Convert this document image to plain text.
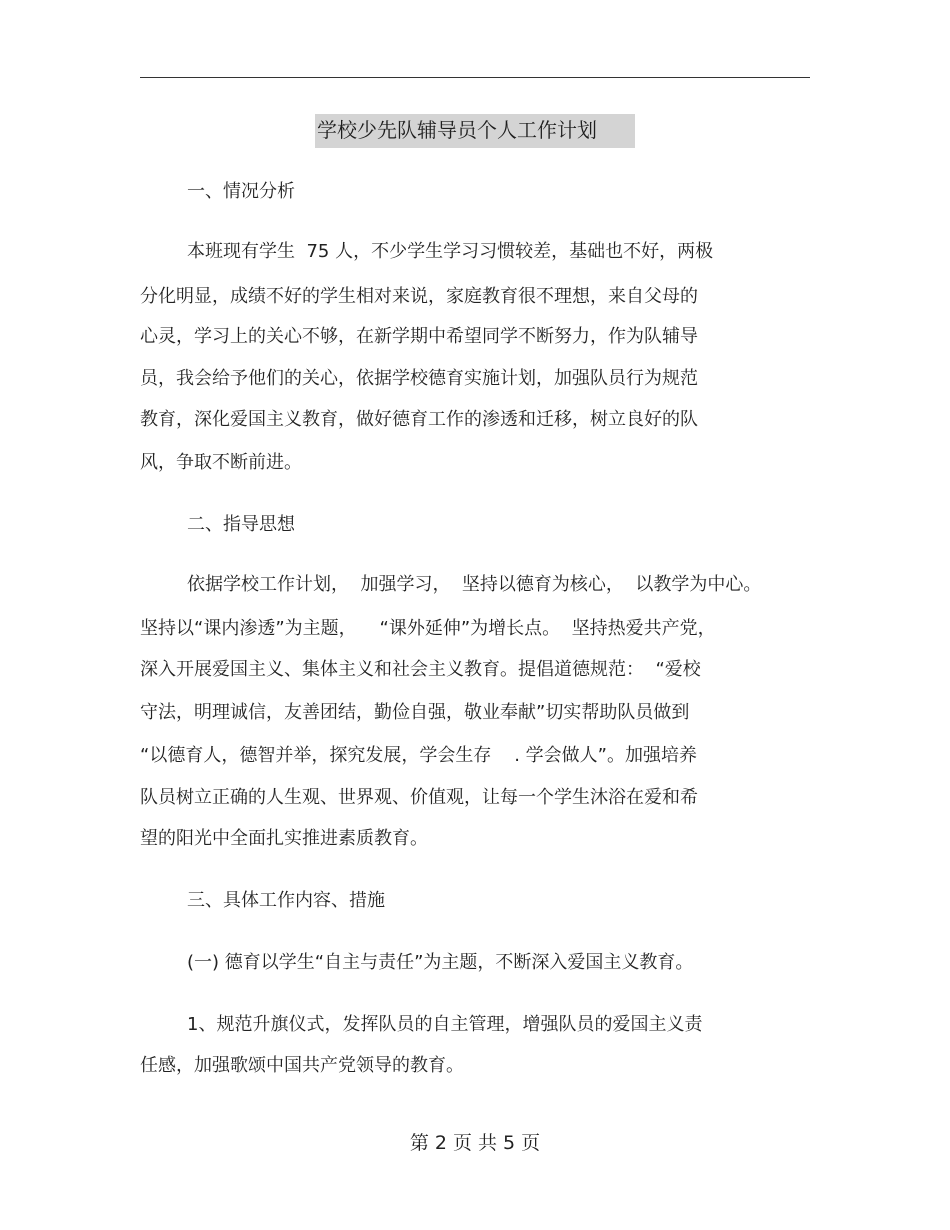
学校少先队辅导员个人工作计划
一、情况分析
本班现有学生  75 人，不少学生学习习惯较差，基础也不好，两极
分化明显，成绩不好的学生相对来说，家庭教育很不理想，来自父母的
心灵，学习上的关心不够，在新学期中希望同学不断努力，作为队辅导
员，我会给予他们的关心，依据学校德育实施计划，加强队员行为规范
教育，深化爱国主义教育，做好德育工作的渗透和迁移，树立良好的队
风，争取不断前进。
二、指导思想
依据学校工作计划，  加强学习，  坚持以德育为核心，  以教学为中心。
坚持以“课内渗透”为主题，    “课外延伸”为增长点。  坚持热爱共产党，
深入开展爱国主义、集体主义和社会主义教育。提倡道德规范：  “爱校
守法，明理诚信，友善团结，勤俭自强，敬业奉献”切实帮助队员做到
“以德育人，德智并举，探究发展，学会生存    . 学会做人”。加强培养
队员树立正确的人生观、世界观、价值观，让每一个学生沐浴在爱和希
望的阳光中全面扎实推进素质教育。
三、具体工作内容、措施
(一) 德育以学生“自主与责任”为主题，不断深入爱国主义教育。
1、规范升旗仪式，发挥队员的自主管理，增强队员的爱国主义责
任感，加强歌颂中国共产党领导的教育。
第 2 页 共 5 页
